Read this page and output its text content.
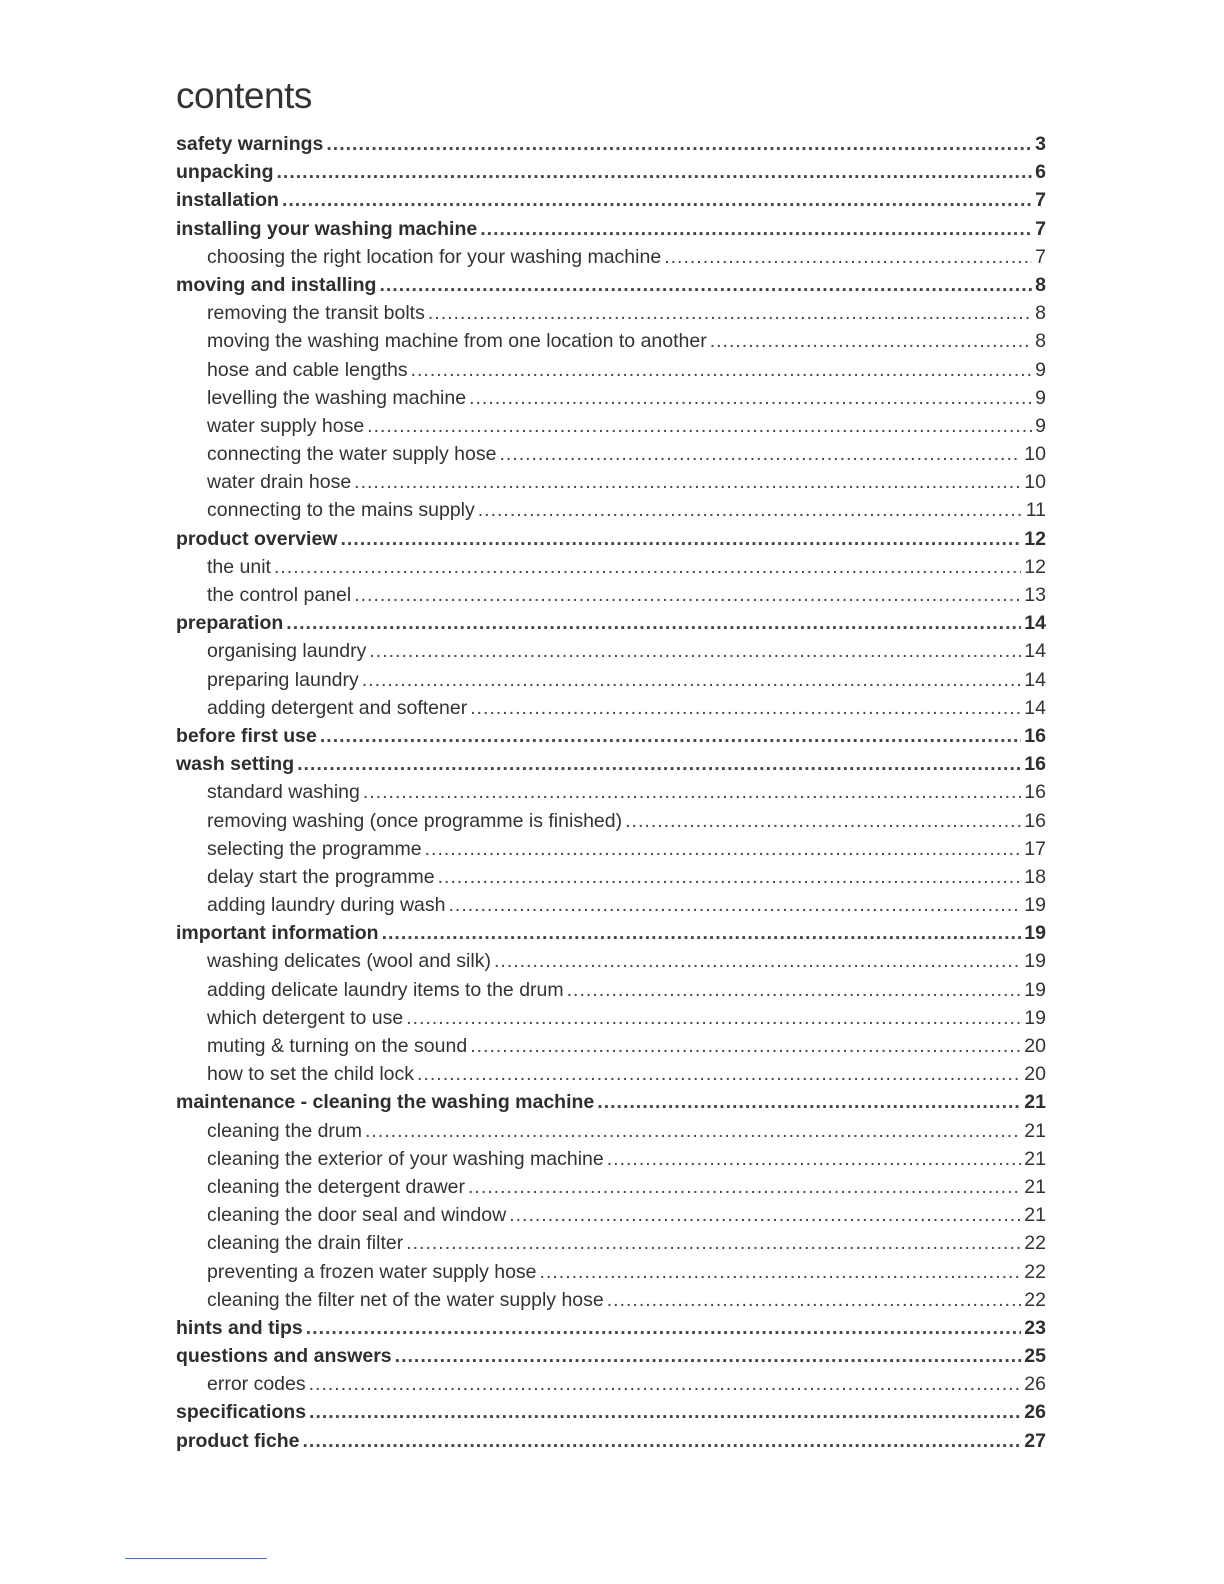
contents
safety warnings .....	3
unpacking .....	6
installation .....	7
installing your washing machine .....	7
choosing the right location for your washing machine .....	7
moving and installing .....	8
removing the transit bolts .....	8
moving the washing machine from one location to another .....	8
hose and cable lengths .....	9
levelling the washing machine .....	9
water supply hose .....	9
connecting the water supply hose .....	10
water drain hose .....	10
connecting to the mains supply .....	11
product overview .....	12
the unit .....	12
the control panel .....	13
preparation .....	14
organising laundry .....	14
preparing laundry .....	14
adding detergent and softener .....	14
before first use .....	16
wash setting .....	16
standard washing .....	16
removing washing (once programme is finished) .....	16
selecting the programme .....	17
delay start the programme .....	18
adding laundry during wash .....	19
important information .....	19
washing delicates (wool and silk) .....	19
adding delicate laundry items to the drum .....	19
which detergent to use .....	19
muting & turning on the sound .....	20
how to set the child lock .....	20
maintenance - cleaning the washing machine .....	21
cleaning the drum .....	21
cleaning the exterior of your washing machine .....	21
cleaning the detergent drawer .....	21
cleaning the door seal and window .....	21
cleaning the drain filter .....	22
preventing a frozen water supply hose .....	22
cleaning the filter net of the water supply hose .....	22
hints and tips .....	23
questions and answers .....	25
error codes .....	26
specifications .....	26
product fiche .....	27
